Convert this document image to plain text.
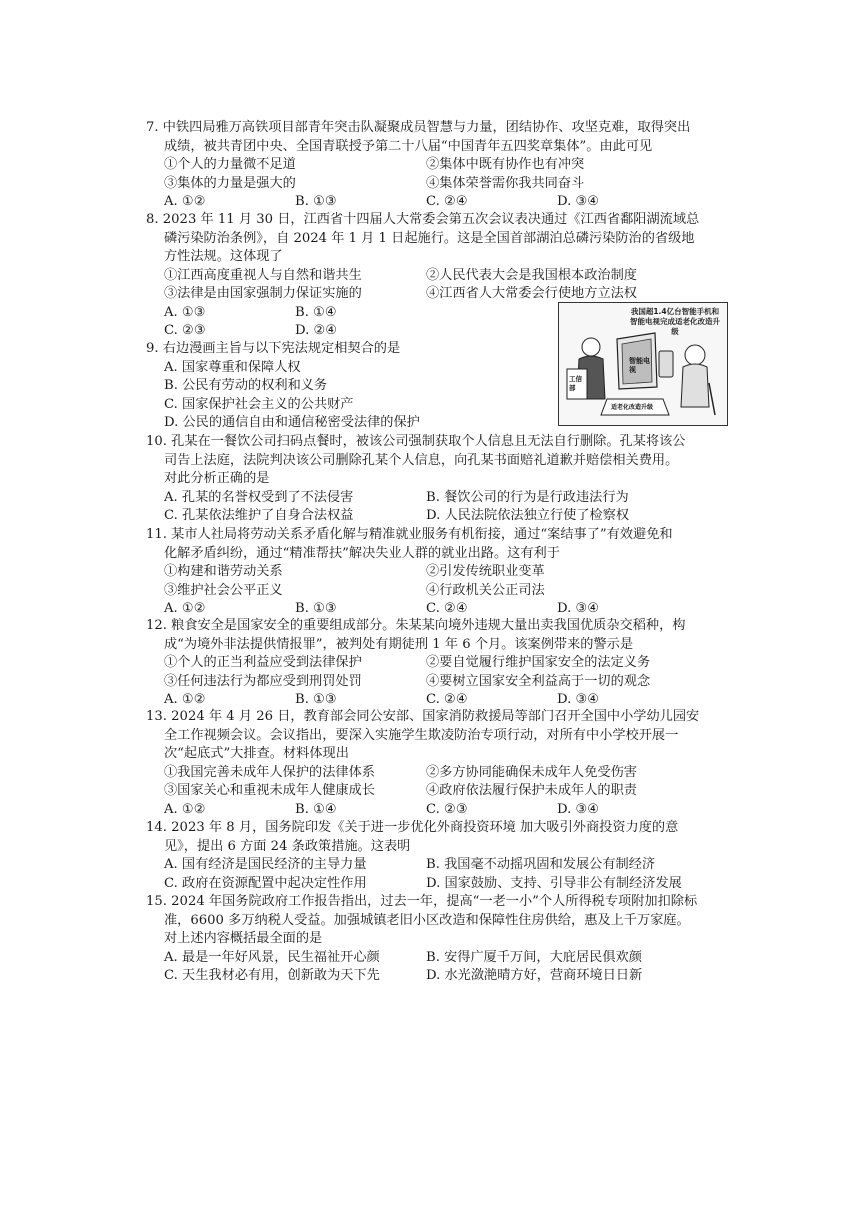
7. 中铁四局雅万高铁项目部青年突击队凝聚成员智慧与力量，团结协作、攻坚克难，取得突出
成绩，被共青团中央、全国青联授予第二十八届“中国青年五四奖章集体”。由此可见
①个人的力量微不足道	②集体中既有协作也有冲突
③集体的力量是强大的	④集体荣誉需你我共同奋斗
A. ①②	B. ①③	C. ②④	D. ③④
8. 2023 年 11 月 30 日，江西省十四届人大常委会第五次会议表决通过《江西省鄱阳湖流域总
磷污染防治条例》，自 2024 年 1 月 1 日起施行。这是全国首部湖泊总磷污染防治的省级地
方性法规。这体现了
①江西高度重视人与自然和谐共生	②人民代表大会是我国根本政治制度
③法律是由国家强制力保证实施的	④江西省人大常委会行使地方立法权
A. ①③	B. ①④
C. ②③	D. ②④
9. 右边漫画主旨与以下宪法规定相契合的是
A. 国家尊重和保障人权
B. 公民有劳动的权利和义务
C. 国家保护社会主义的公共财产
D. 公民的通信自由和通信秘密受法律的保护
我国超1.4亿台智能手机和智能电视完成适老化改造升级
智能电视
工信部
适老化改造升级
10. 孔某在一餐饮公司扫码点餐时，被该公司强制获取个人信息且无法自行删除。孔某将该公
司告上法庭，法院判决该公司删除孔某个人信息，向孔某书面赔礼道歉并赔偿相关费用。
对此分析正确的是
A. 孔某的名誉权受到了不法侵害	B. 餐饮公司的行为是行政违法行为
C. 孔某依法维护了自身合法权益	D. 人民法院依法独立行使了检察权
11. 某市人社局将劳动关系矛盾化解与精准就业服务有机衔接，通过“案结事了”有效避免和
化解矛盾纠纷，通过“精准帮扶”解决失业人群的就业出路。这有利于
①构建和谐劳动关系	②引发传统职业变革
③维护社会公平正义	④行政机关公正司法
A. ①②	B. ①③	C. ②④	D. ③④
12. 粮食安全是国家安全的重要组成部分。朱某某向境外违规大量出卖我国优质杂交稻种，构
成“为境外非法提供情报罪”，被判处有期徒刑 1 年 6 个月。该案例带来的警示是
①个人的正当利益应受到法律保护	②要自觉履行维护国家安全的法定义务
③任何违法行为都应受到刑罚处罚	④要树立国家安全利益高于一切的观念
A. ①②	B. ①③	C. ②④	D. ③④
13. 2024 年 4 月 26 日，教育部会同公安部、国家消防救援局等部门召开全国中小学幼儿园安
全工作视频会议。会议指出，要深入实施学生欺凌防治专项行动，对所有中小学校开展一
次“起底式”大排查。材料体现出
①我国完善未成年人保护的法律体系	②多方协同能确保未成年人免受伤害
③国家关心和重视未成年人健康成长	④政府依法履行保护未成年人的职责
A. ①②	B. ①④	C. ②③	D. ③④
14. 2023 年 8 月，国务院印发《关于进一步优化外商投资环境 加大吸引外商投资力度的意
见》，提出 6 方面 24 条政策措施。这表明
A. 国有经济是国民经济的主导力量	B. 我国毫不动摇巩固和发展公有制经济
C. 政府在资源配置中起决定性作用	D. 国家鼓励、支持、引导非公有制经济发展
15. 2024 年国务院政府工作报告指出，过去一年，提高“一老一小”个人所得税专项附加扣除标
准，6600 多万纳税人受益。加强城镇老旧小区改造和保障性住房供给，惠及上千万家庭。
对上述内容概括最全面的是
A. 最是一年好风景，民生福祉开心颜	B. 安得广厦千万间，大庇居民俱欢颜
C. 天生我材必有用，创新敢为天下先	D. 水光潋滟晴方好，营商环境日日新
